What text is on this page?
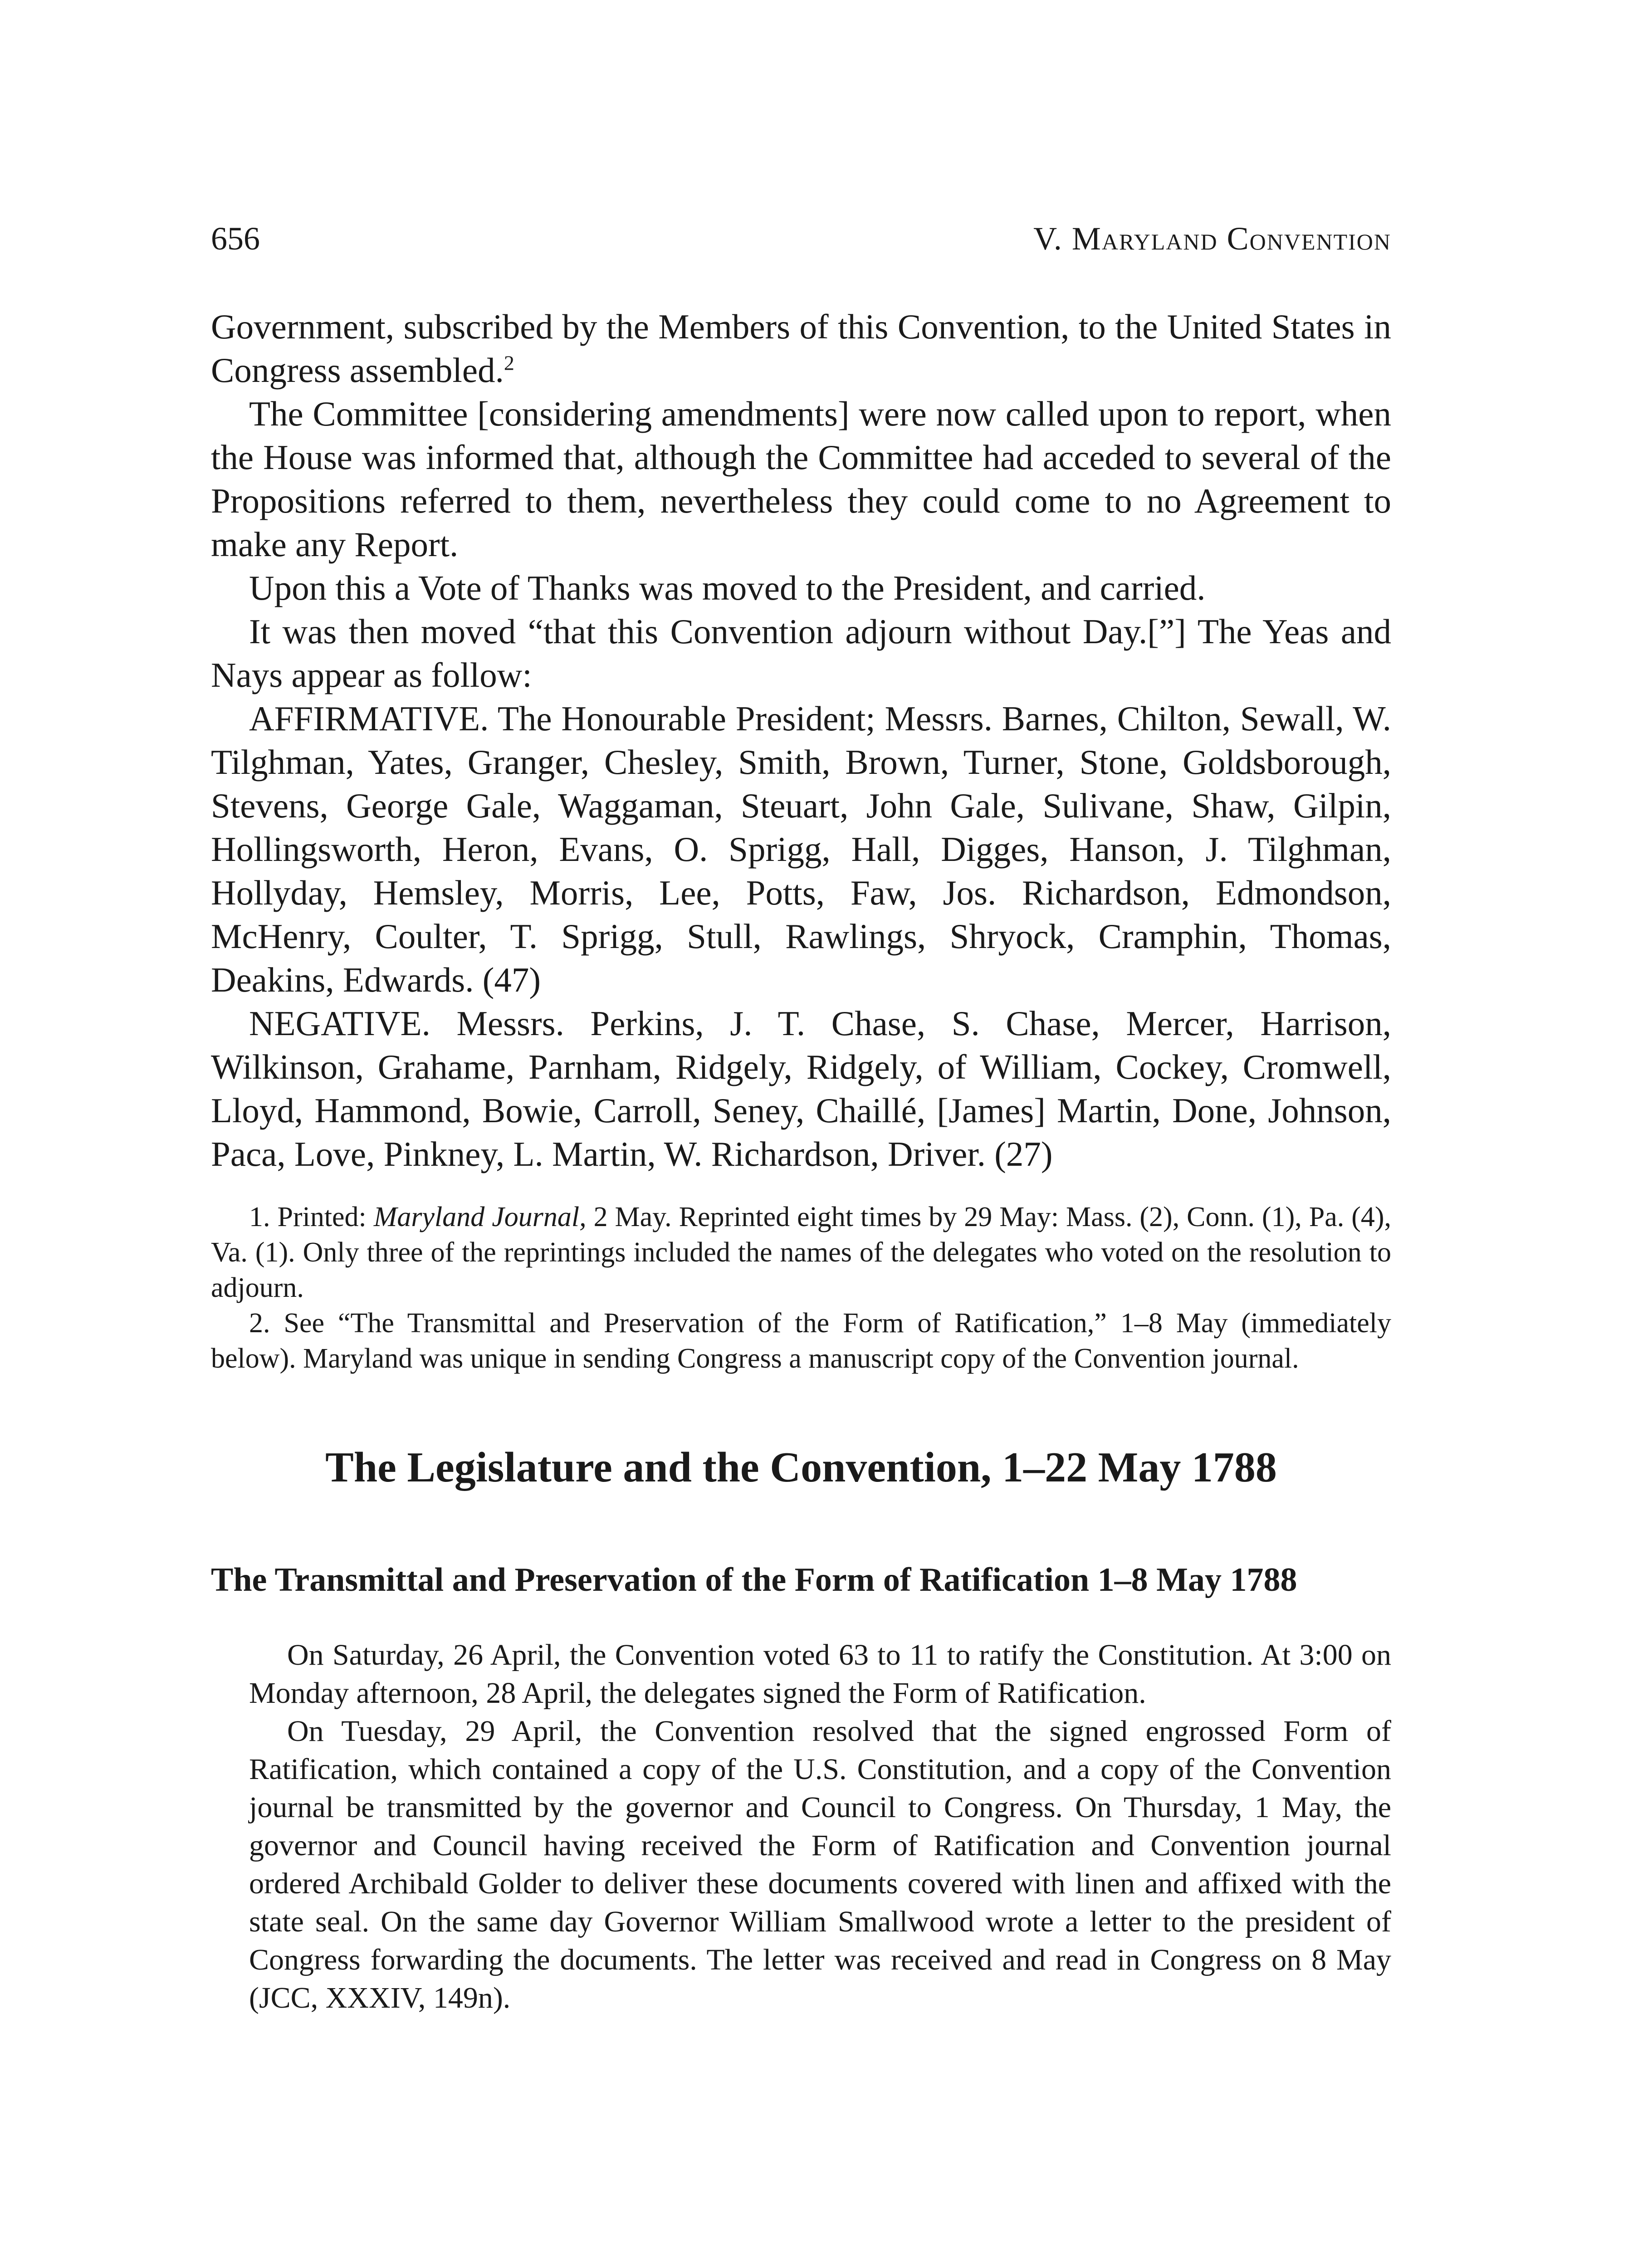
656	V. Maryland Convention

Government, subscribed by the Members of this Convention, to the United States in Congress assembled.$^2$

The Committee [considering amendments] were now called upon to report, when the House was informed that, although the Committee had acceded to several of the Propositions referred to them, nevertheless they could come to no Agreement to make any Report.

Upon this a Vote of Thanks was moved to the President, and carried.

It was then moved “that this Convention adjourn without Day.[”] The Yeas and Nays appear as follow:

AFFIRMATIVE. The Honourable President; Messrs. Barnes, Chilton, Sewall, W. Tilghman, Yates, Granger, Chesley, Smith, Brown, Turner, Stone, Goldsborough, Stevens, George Gale, Waggaman, Steuart, John Gale, Sulivane, Shaw, Gilpin, Hollingsworth, Heron, Evans, O. Sprigg, Hall, Digges, Hanson, J. Tilghman, Hollyday, Hemsley, Morris, Lee, Potts, Faw, Jos. Richardson, Edmondson, McHenry, Coulter, T. Sprigg, Stull, Rawlings, Shryock, Cramphin, Thomas, Deakins, Edwards. (47)

NEGATIVE. Messrs. Perkins, J. T. Chase, S. Chase, Mercer, Harrison, Wilkinson, Grahame, Parnham, Ridgely, Ridgely, of William, Cockey, Cromwell, Lloyd, Hammond, Bowie, Carroll, Seney, Chaillé, [James] Martin, Done, Johnson, Paca, Love, Pinkney, L. Martin, W. Richardson, Driver. (27)

1. Printed: Maryland Journal, 2 May. Reprinted eight times by 29 May: Mass. (2), Conn. (1), Pa. (4), Va. (1). Only three of the reprintings included the names of the delegates who voted on the resolution to adjourn.

2. See “The Transmittal and Preservation of the Form of Ratification,” 1–8 May (immediately below). Maryland was unique in sending Congress a manuscript copy of the Convention journal.

The Legislature and the Convention, 1–22 May 1788
The Transmittal and Preservation of the Form of Ratification 1–8 May 1788

On Saturday, 26 April, the Convention voted 63 to 11 to ratify the Constitution. At 3:00 on Monday afternoon, 28 April, the delegates signed the Form of Ratification.

On Tuesday, 29 April, the Convention resolved that the signed engrossed Form of Ratification, which contained a copy of the U.S. Constitution, and a copy of the Convention journal be transmitted by the governor and Council to Congress. On Thursday, 1 May, the governor and Council having received the Form of Ratification and Convention journal ordered Archibald Golder to deliver these documents covered with linen and affixed with the state seal. On the same day Governor William Smallwood wrote a letter to the president of Congress forwarding the documents. The letter was received and read in Congress on 8 May (JCC, XXXIV, 149n).
